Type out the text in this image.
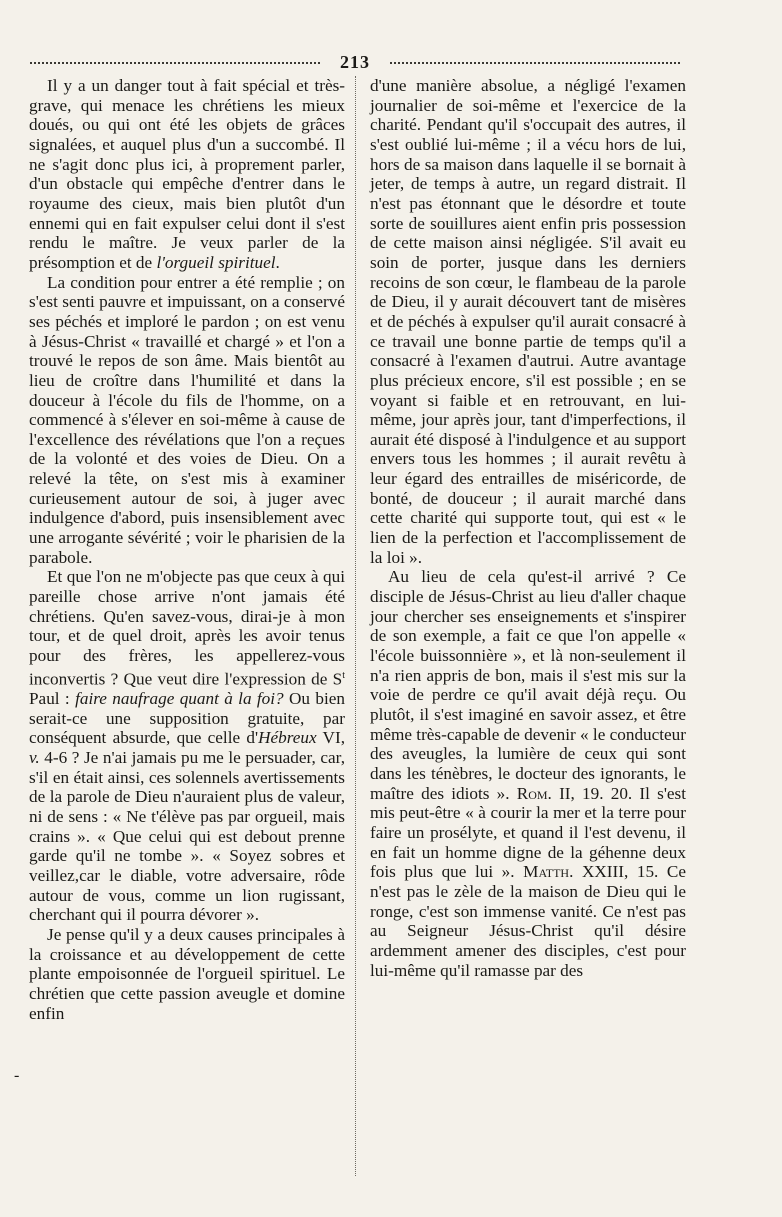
213

Il y a un danger tout à fait spécial et très-grave, qui menace les chrétiens les mieux doués, ou qui ont été les objets de grâces signalées, et auquel plus d'un a succombé. Il ne s'agit donc plus ici, à proprement parler, d'un obstacle qui empêche d'entrer dans le royaume des cieux, mais bien plutôt d'un ennemi qui en fait expulser celui dont il s'est rendu le maître. Je veux parler de la présomption et de l'orgueil spirituel.

La condition pour entrer a été remplie ; on s'est senti pauvre et impuissant, on a conservé ses péchés et imploré le pardon ; on est venu à Jésus-Christ « travaillé et chargé » et l'on a trouvé le repos de son âme. Mais bientôt au lieu de croître dans l'humilité et dans la douceur à l'école du fils de l'homme, on a commencé à s'élever en soi-même à cause de l'excellence des révélations que l'on a reçues de la volonté et des voies de Dieu. On a relevé la tête, on s'est mis à examiner curieusement autour de soi, à juger avec indulgence d'abord, puis insensiblement avec une arrogante sévérité ; voir le pharisien de la parabole.

Et que l'on ne m'objecte pas que ceux à qui pareille chose arrive n'ont jamais été chrétiens. Qu'en savez-vous, dirai-je à mon tour, et de quel droit, après les avoir tenus pour des frères, les appellerez-vous inconvertis ? Que veut dire l'expression de $S^t$ Paul : faire naufrage quant à la foi? Ou bien serait-ce une supposition gratuite, par conséquent absurde, que celle d'Hébreux VI, v. 4-6 ? Je n'ai jamais pu me le persuader, car, s'il en était ainsi, ces solennels avertissements de la parole de Dieu n'auraient plus de valeur, ni de sens : « Ne t'élève pas par orgueil, mais crains ». « Que celui qui est debout prenne garde qu'il ne tombe ». « Soyez sobres et veillez,car le diable, votre adversaire, rôde autour de vous, comme un lion rugissant, cherchant qui il pourra dévorer ».

Je pense qu'il y a deux causes principales à la croissance et au développement de cette plante empoisonnée de l'orgueil spirituel. Le chrétien que cette passion aveugle et domine enfin

d'une manière absolue, a négligé l'examen journalier de soi-même et l'exercice de la charité. Pendant qu'il s'occupait des autres, il s'est oublié lui-même ; il a vécu hors de lui, hors de sa maison dans laquelle il se bornait à jeter, de temps à autre, un regard distrait. Il n'est pas étonnant que le désordre et toute sorte de souillures aient enfin pris possession de cette maison ainsi négligée. S'il avait eu soin de porter, jusque dans les derniers recoins de son cœur, le flambeau de la parole de Dieu, il y aurait découvert tant de misères et de péchés à expulser qu'il aurait consacré à ce travail une bonne partie de temps qu'il a consacré à l'examen d'autrui. Autre avantage plus précieux encore, s'il est possible ; en se voyant si faible et en retrouvant, en lui-même, jour après jour, tant d'imperfections, il aurait été disposé à l'indulgence et au support envers tous les hommes ; il aurait revêtu à leur égard des entrailles de miséricorde, de bonté, de douceur ; il aurait marché dans cette charité qui supporte tout, qui est « le lien de la perfection et l'accomplissement de la loi ».

Au lieu de cela qu'est-il arrivé ? Ce disciple de Jésus-Christ au lieu d'aller chaque jour chercher ses enseignements et s'inspirer de son exemple, a fait ce que l'on appelle « l'école buissonnière », et là non-seulement il n'a rien appris de bon, mais il s'est mis sur la voie de perdre ce qu'il avait déjà reçu. Ou plutôt, il s'est imaginé en savoir assez, et être même très-capable de devenir « le conducteur des aveugles, la lumière de ceux qui sont dans les ténèbres, le docteur des ignorants, le maître des idiots ». Rom. II, 19. 20. Il s'est mis peut-être « à courir la mer et la terre pour faire un prosélyte, et quand il l'est devenu, il en fait un homme digne de la géhenne deux fois plus que lui ». Matth. XXIII, 15. Ce n'est pas le zèle de la maison de Dieu qui le ronge, c'est son immense vanité. Ce n'est pas au Seigneur Jésus-Christ qu'il désire ardemment amener des disciples, c'est pour lui-même qu'il ramasse par des

-
